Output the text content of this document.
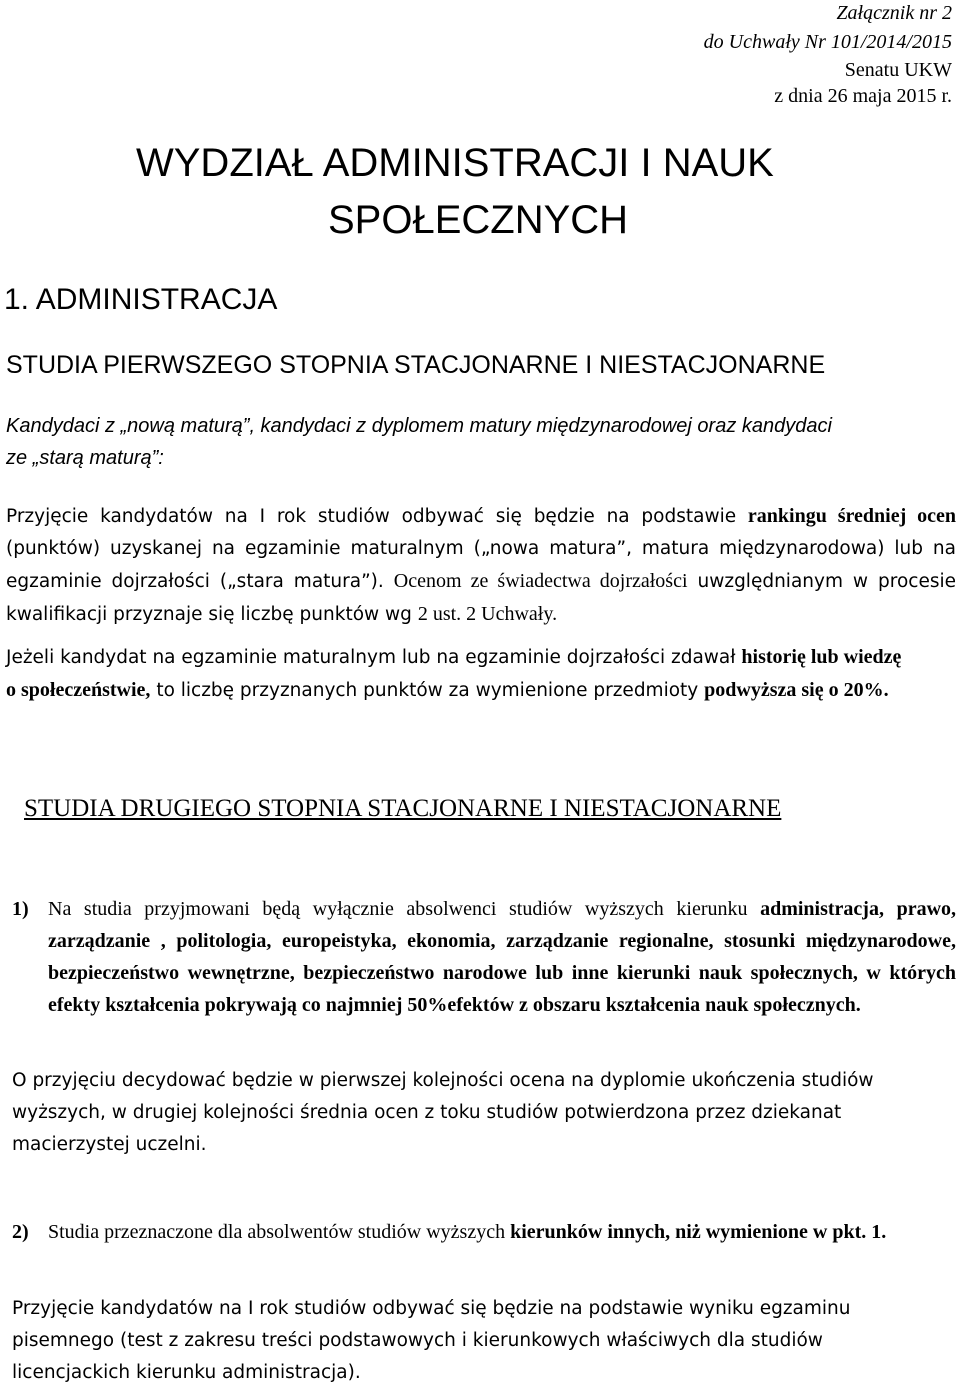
Załącznik nr 2
do Uchwały Nr 101/2014/2015
Senatu UKW
z dnia 26 maja 2015 r.
WYDZIAŁ ADMINISTRACJI I NAUK
SPOŁECZNYCH
1. ADMINISTRACJA
STUDIA PIERWSZEGO STOPNIA STACJONARNE I NIESTACJONARNE
Kandydaci z „nową maturą”, kandydaci z dyplomem matury międzynarodowej oraz kandydaci
ze „starą maturą”:
Przyjęcie kandydatów na I rok studiów odbywać się będzie na podstawie rankingu średniej ocen (punktów) uzyskanej na egzaminie maturalnym („nowa matura”, matura międzynarodowa) lub na egzaminie dojrzałości („stara matura”). Ocenom ze świadectwa dojrzałości uwzględnianym w procesie kwalifikacji przyznaje się liczbę punktów wg 2 ust. 2 Uchwały.
Jeżeli kandydat na egzaminie maturalnym lub na egzaminie dojrzałości zdawał historię lub wiedzę o społeczeństwie, to liczbę przyznanych punktów za wymienione przedmioty podwyższa się o 20%.
STUDIA DRUGIEGO STOPNIA STACJONARNE I NIESTACJONARNE
1) Na studia przyjmowani będą wyłącznie absolwenci studiów wyższych kierunku administracja, prawo, zarządzanie , politologia, europeistyka, ekonomia, zarządzanie regionalne, stosunki międzynarodowe, bezpieczeństwo wewnętrzne, bezpieczeństwo narodowe lub inne kierunki nauk społecznych, w których efekty kształcenia pokrywają co najmniej 50%efektów z obszaru kształcenia nauk społecznych.
O przyjęciu decydować będzie w pierwszej kolejności ocena na dyplomie ukończenia studiów wyższych, w drugiej kolejności średnia ocen z toku studiów potwierdzona przez dziekanat macierzystej uczelni.
2) Studia przeznaczone dla absolwentów studiów wyższych kierunków innych, niż wymienione w pkt. 1.
Przyjęcie kandydatów na I rok studiów odbywać się będzie na podstawie wyniku egzaminu pisemnego (test z zakresu treści podstawowych i kierunkowych właściwych dla studiów licencjackich kierunku administracja).
